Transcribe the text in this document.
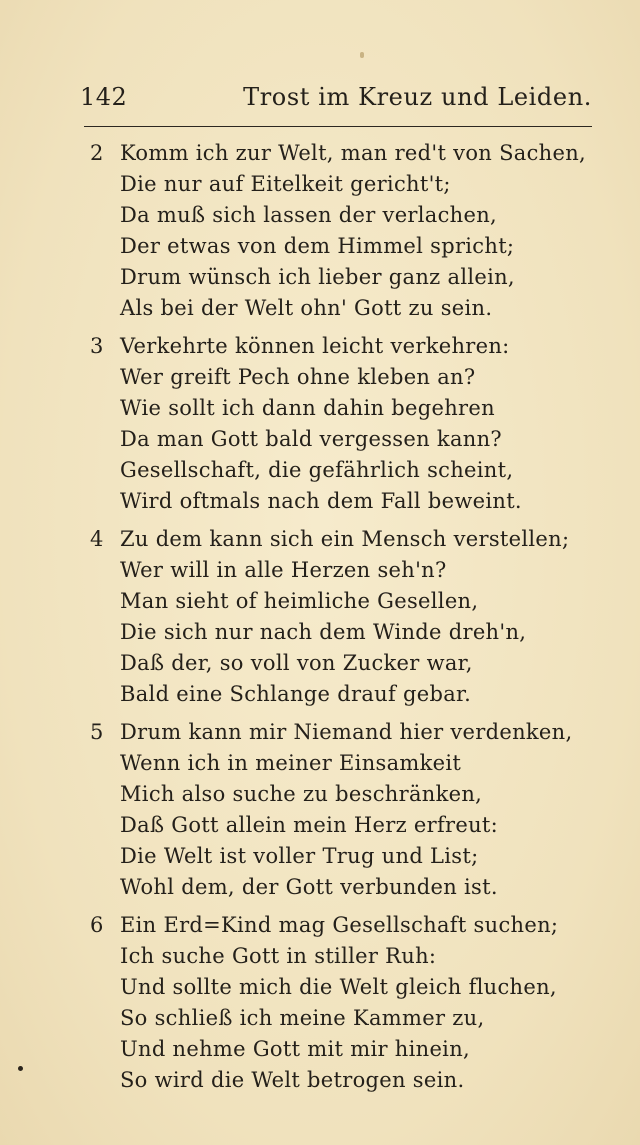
142	Trost im Kreuz und Leiden.
2 Komm ich zur Welt, man red't von Sachen,
Die nur auf Eitelkeit gericht't;
Da muß sich lassen der verlachen,
Der etwas von dem Himmel spricht;
Drum wünsch ich lieber ganz allein,
Als bei der Welt ohn' Gott zu sein.
3 Verkehrte können leicht verkehren:
Wer greift Pech ohne kleben an?
Wie sollt ich dann dahin begehren
Da man Gott bald vergessen kann?
Gesellschaft, die gefährlich scheint,
Wird oftmals nach dem Fall beweint.
4 Zu dem kann sich ein Mensch verstellen;
Wer will in alle Herzen seh'n?
Man sieht of heimliche Gesellen,
Die sich nur nach dem Winde dreh'n,
Daß der, so voll von Zucker war,
Bald eine Schlange drauf gebar.
5 Drum kann mir Niemand hier verdenken,
Wenn ich in meiner Einsamkeit
Mich also suche zu beschränken,
Daß Gott allein mein Herz erfreut:
Die Welt ist voller Trug und List;
Wohl dem, der Gott verbunden ist.
6 Ein Erd=Kind mag Gesellschaft suchen;
Ich suche Gott in stiller Ruh:
Und sollte mich die Welt gleich fluchen,
So schließ ich meine Kammer zu,
Und nehme Gott mit mir hinein,
So wird die Welt betrogen sein.
